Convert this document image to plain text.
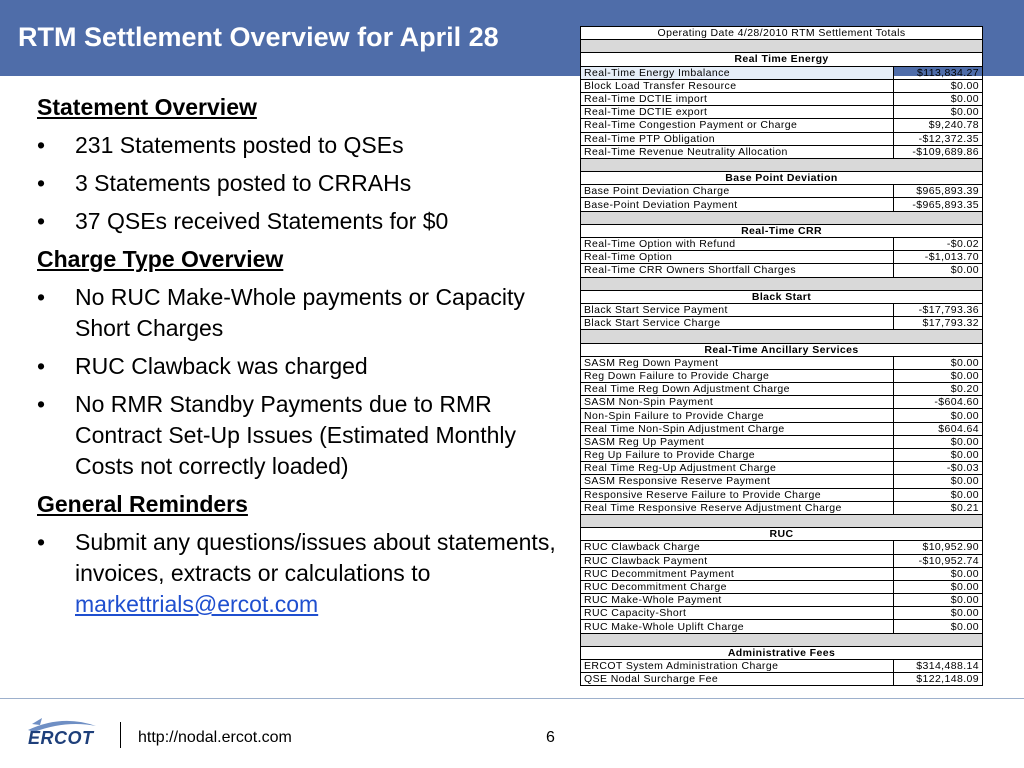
RTM Settlement Overview for April 28
Statement Overview
• 231 Statements posted to QSEs
• 3 Statements posted to CRRAHs
• 37 QSEs received Statements for $0
Charge Type Overview
• No RUC Make-Whole payments or Capacity Short Charges
• RUC Clawback was charged
• No RMR Standby Payments due to RMR Contract Set-Up Issues (Estimated Monthly Costs not correctly loaded)
General Reminders
• Submit any questions/issues about statements, invoices, extracts or calculations to markettrials@ercot.com
Operating Date 4/28/2010 RTM Settlement Totals	

Real Time Energy	
Real-Time Energy Imbalance	$113,834.27
Block Load Transfer Resource	$0.00
Real-Time DCTIE import	$0.00
Real-Time DCTIE export	$0.00
Real-Time Congestion Payment or Charge	$9,240.78
Real-Time PTP Obligation	-$12,372.35
Real-Time Revenue Neutrality Allocation	-$109,689.86

Base Point Deviation	
Base Point Deviation Charge	$965,893.39
Base-Point Deviation Payment	-$965,893.35

Real-Time CRR	
Real-Time Option with Refund	-$0.02
Real-Time Option	-$1,013.70
Real-Time CRR Owners Shortfall Charges	$0.00

Black Start	
Black Start Service Payment	-$17,793.36
Black Start Service Charge	$17,793.32

Real-Time Ancillary Services	
SASM Reg Down Payment	$0.00
Reg Down Failure to Provide Charge	$0.00
Real Time Reg Down Adjustment Charge	$0.20
SASM Non-Spin Payment	-$604.60
Non-Spin Failure to Provide Charge	$0.00
Real Time Non-Spin Adjustment Charge	$604.64
SASM Reg Up Payment	$0.00
Reg Up Failure to Provide Charge	$0.00
Real Time Reg-Up Adjustment Charge	-$0.03
SASM Responsive Reserve Payment	$0.00
Responsive Reserve Failure to Provide Charge	$0.00
Real Time Responsive Reserve Adjustment Charge	$0.21

RUC	
RUC Clawback Charge	$10,952.90
RUC Clawback Payment	-$10,952.74
RUC Decommitment Payment	$0.00
RUC Decommitment Charge	$0.00
RUC Make-Whole Payment	$0.00
RUC Capacity-Short	$0.00
RUC Make-Whole Uplift Charge	$0.00

Administrative Fees	
ERCOT System Administration Charge	$314,488.14
QSE Nodal Surcharge Fee	$122,148.09
ERCOT	http://nodal.ercot.com	6
